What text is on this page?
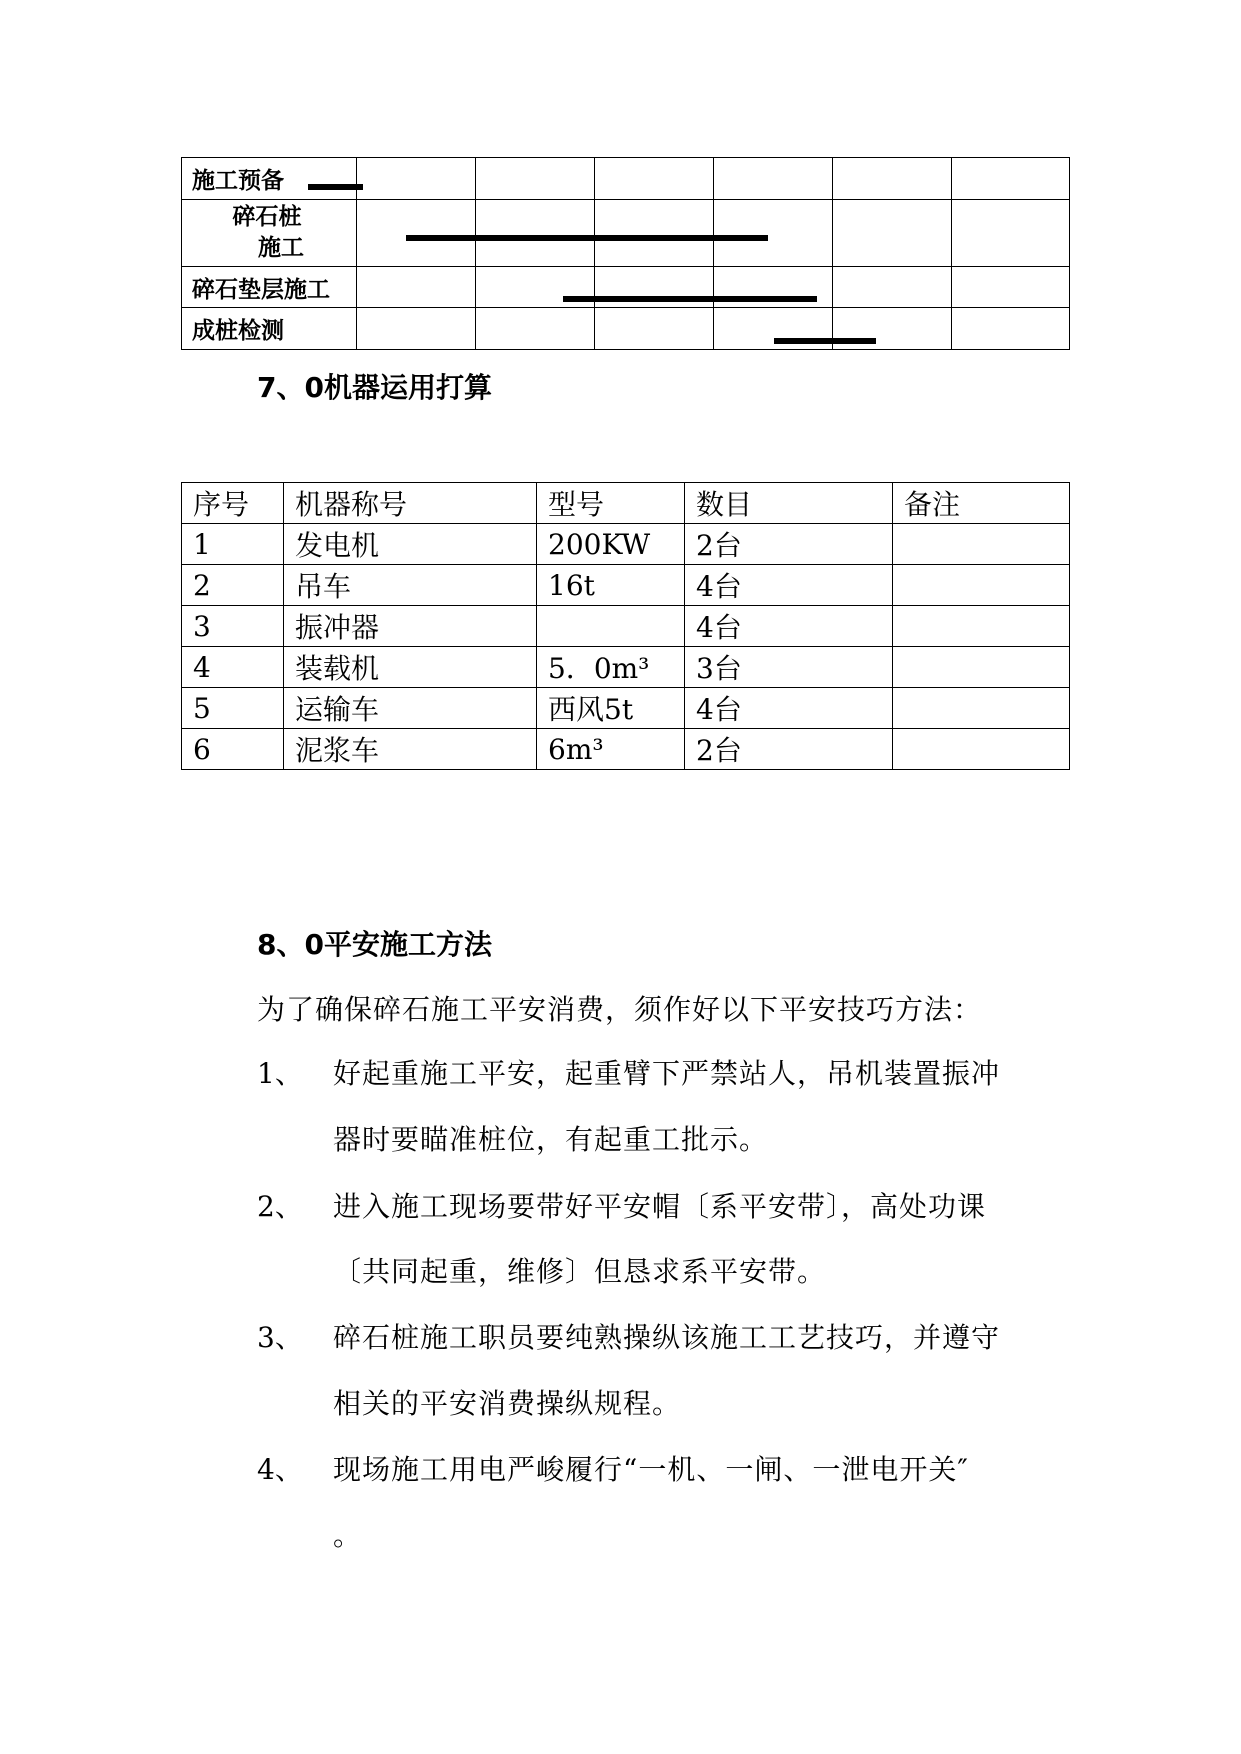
施工预备						

碎石桩
施工						

碎石垫层施工						
成桩检测						
7、0机器运用打算
序号	机器称号	型号	数目	备注
1	发电机	200KW	2台	
2	吊车	16t	4台	
3	振冲器		4台	
4	装载机	5．0m³	3台	
5	运输车	西风5t	4台	
6	泥浆车	6m³	2台	
8、0平安施工方法
为了确保碎石施工平安消费，须作好以下平安技巧方法：
1、 好起重施工平安，起重臂下严禁站人，吊机装置振冲
器时要瞄准桩位，有起重工批示。
2、 进入施工现场要带好平安帽〔系平安带〕，高处功课
〔共同起重，维修〕但恳求系平安带。
3、 碎石桩施工职员要纯熟操纵该施工工艺技巧，并遵守
相关的平安消费操纵规程。
4、 现场施工用电严峻履行“一机、一闸、一泄电开关″
。
